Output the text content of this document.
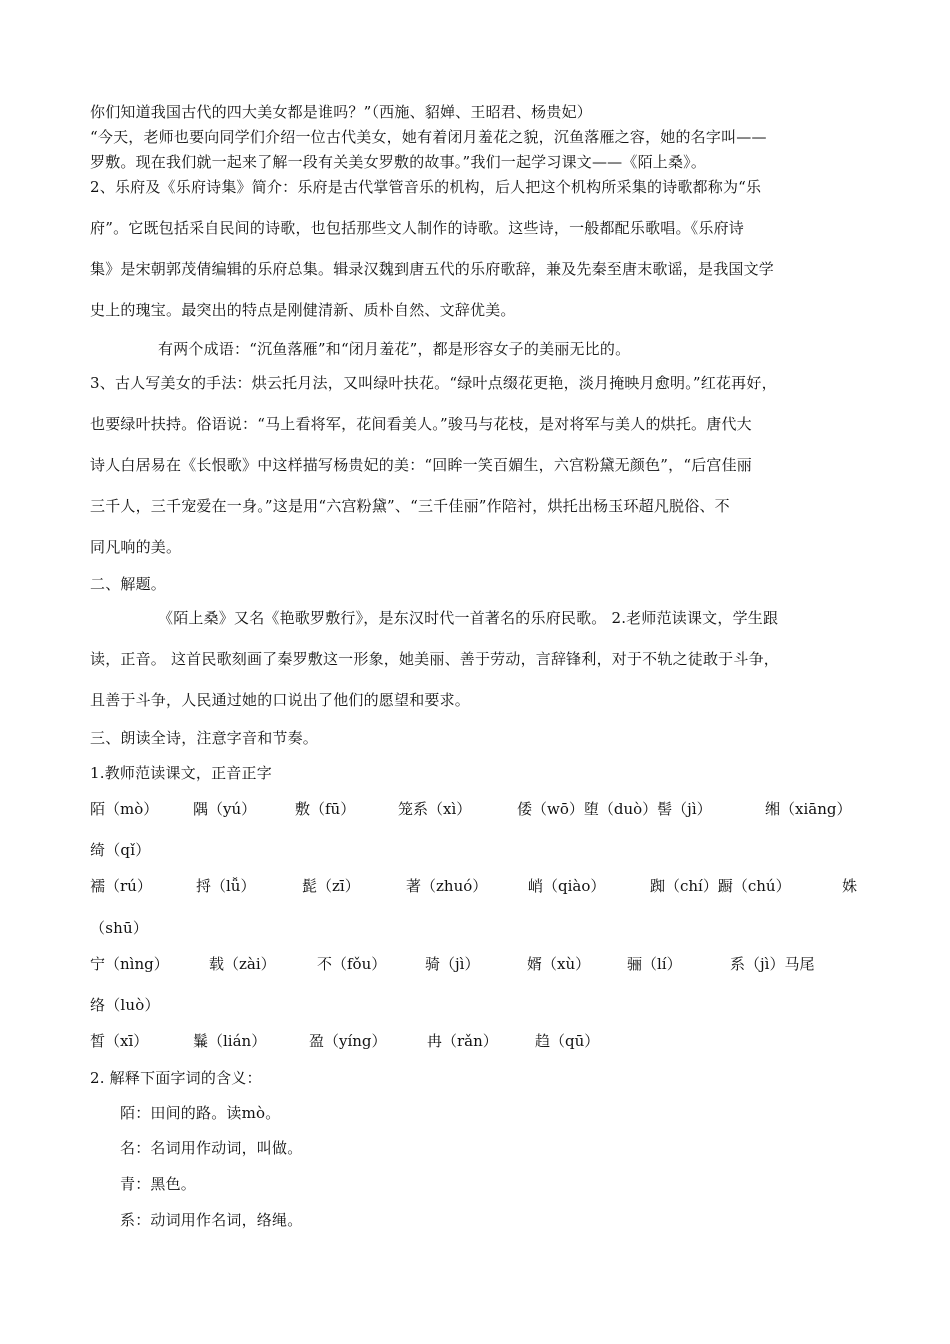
你们知道我国古代的四大美女都是谁吗？”（西施、貂婵、王昭君、杨贵妃）
“今天，老师也要向同学们介绍一位古代美女，她有着闭月羞花之貌，沉鱼落雁之容，她的名字叫——
罗敷。现在我们就一起来了解一段有关美女罗敷的故事。”我们一起学习课文——《陌上桑》。
2、乐府及《乐府诗集》简介：乐府是古代掌管音乐的机构，后人把这个机构所采集的诗歌都称为“乐
府”。它既包括采自民间的诗歌，也包括那些文人制作的诗歌。这些诗，一般都配乐歌唱。《乐府诗
集》是宋朝郭茂倩编辑的乐府总集。辑录汉魏到唐五代的乐府歌辞，兼及先秦至唐末歌谣，是我国文学
史上的瑰宝。最突出的特点是刚健清新、质朴自然、文辞优美。
有两个成语：“沉鱼落雁”和“闭月羞花”，都是形容女子的美丽无比的。
3、古人写美女的手法：烘云托月法，又叫绿叶扶花。“绿叶点缀花更艳，淡月掩映月愈明。”红花再好，
也要绿叶扶持。俗语说：“马上看将军，花间看美人。”骏马与花枝，是对将军与美人的烘托。唐代大
诗人白居易在《长恨歌》中这样描写杨贵妃的美：“回眸一笑百媚生，六宫粉黛无颜色”，“后宫佳丽
三千人，三千宠爱在一身。”这是用“六宫粉黛”、“三千佳丽”作陪衬，烘托出杨玉环超凡脱俗、不
同凡响的美。
二、解题。
《陌上桑》又名《艳歌罗敷行》，是东汉时代一首著名的乐府民歌。 2.老师范读课文，学生跟
读，正音。 这首民歌刻画了秦罗敷这一形象，她美丽、善于劳动，言辞锋利，对于不轨之徒敢于斗争，
且善于斗争，人民通过她的口说出了他们的愿望和要求。
三、朗读全诗，注意字音和节奏。
1.教师范读课文，正音正字
陌（mò） 隅（yú）	敷（fū）	笼系（xì）	倭（wō）堕（duò）髻（jì）	缃（xiāng）
绮（qǐ）
襦（rú）	捋（lǚ）	髭（zī）	著（zhuó）	峭（qiào）	踟（chí）蹰（chú）	姝
（shū）
宁（nìng）	载（zài）	不（fǒu）	骑（jì）	婿（xù） 骊（lí）	系（jì）马尾
络（luò）
皙（xī）	鬑（lián）	盈（yíng）	冉（rǎn） 趋（qū）
2. 解释下面字词的含义：
陌：田间的路。读mò。
名：名词用作动词，叫做。
青：黑色。
系：动词用作名词，络绳。
